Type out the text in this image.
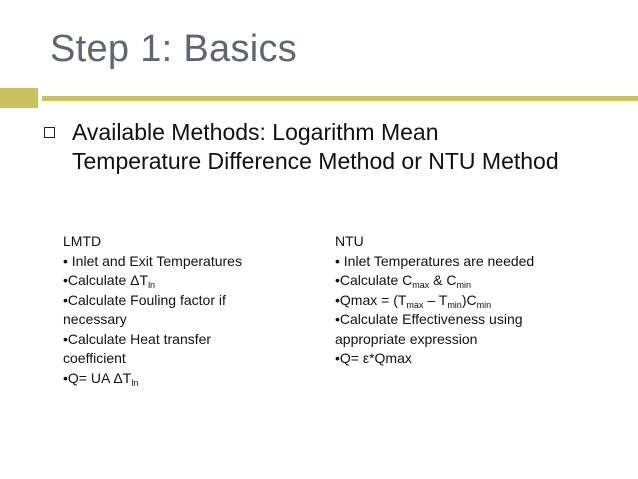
Step 1: Basics
Available Methods: Logarithm Mean Temperature Difference Method or NTU Method
LMTD
• Inlet and Exit Temperatures
•Calculate $\Delta T_{ln}$
•Calculate Fouling factor if
necessary
•Calculate Heat transfer
coefficient
•Q= UA $\Delta T_{ln}$
NTU
• Inlet Temperatures are needed
•Calculate $C_{max}$ & $C_{min}$
•Qmax = $(T_{max} - T_{min})C_{min}$
•Calculate Effectiveness using
appropriate expression
•Q= ε*Qmax
